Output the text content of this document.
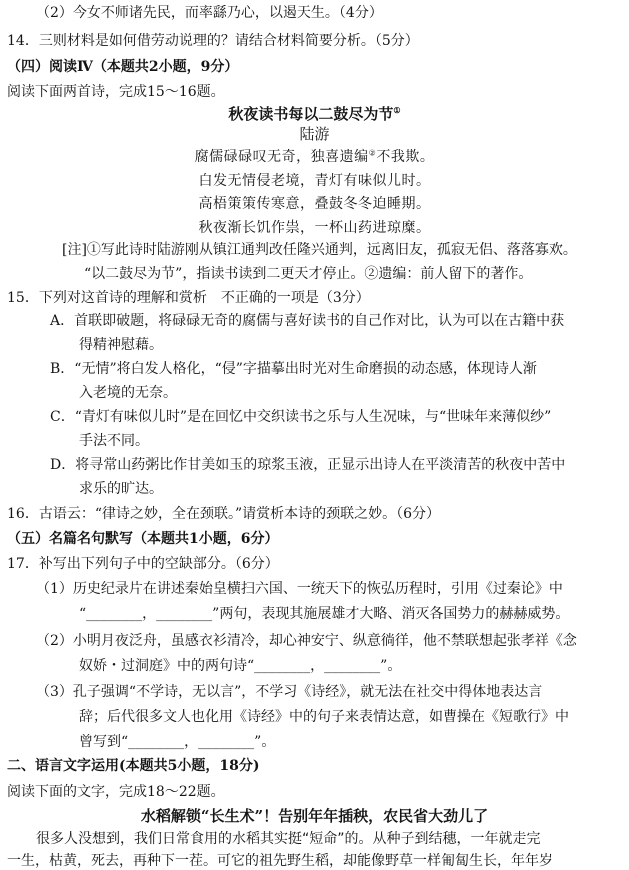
（2）今女不师诸先民，而率繇乃心，以遏天生。（4分）

14．三则材料是如何借劳动说理的？请结合材料简要分析。（5分）

（四）阅读Ⅳ（本题共2小题，9分）

阅读下面两首诗，完成15～16题。

秋夜读书每以二鼓尽为节①

陆游

腐儒碌碌叹无奇，独喜遗编②不我欺。

白发无情侵老境，青灯有味似儿时。

高梧策策传寒意，叠鼓冬冬迫睡期。

秋夜渐长饥作祟，一杯山药进琼糜。

[注]①写此诗时陆游刚从镇江通判改任隆兴通判，远离旧友，孤寂无侣、落落寡欢。

“以二鼓尽为节”，指读书读到二更天才停止。②遗编：前人留下的著作。

15．下列对这首诗的理解和赏析　不正确的一项是（3分）

A．首联即破题，将碌碌无奇的腐儒与喜好读书的自己作对比，认为可以在古籍中获

得精神慰藉。

B．“无情”将白发人格化，“侵”字描摹出时光对生命磨损的动态感，体现诗人渐

入老境的无奈。

C．“青灯有味似儿时”是在回忆中交织读书之乐与人生况味，与“世味年来薄似纱”

手法不同。

D．将寻常山药粥比作甘美如玉的琼浆玉液，正显示出诗人在平淡清苦的秋夜中苦中

求乐的旷达。

16．古语云：“律诗之妙，全在颈联。”请赏析本诗的颈联之妙。（6分）

（五）名篇名句默写（本题共1小题，6分）

17．补写出下列句子中的空缺部分。（6分）

（1）历史纪录片在讲述秦始皇横扫六国、一统天下的恢弘历程时，引用《过秦论》中

“________，________”两句，表现其施展雄才大略、消灭各国势力的赫赫威势。

（2）小明月夜泛舟，虽感衣衫清冷，却心神安宁、纵意徜徉，他不禁联想起张孝祥《念

奴娇・过洞庭》中的两句诗“________，________”。

（3）孔子强调“不学诗，无以言”，不学习《诗经》，就无法在社交中得体地表达言

辞；后代很多文人也化用《诗经》中的句子来表情达意，如曹操在《短歌行》中

曾写到“________，________”。

二、语言文字运用(本题共5小题，18分)

阅读下面的文字，完成18～22题。

水稻解锁“长生术”！告别年年插秧，农民省大劲儿了

很多人没想到，我们日常食用的水稻其实挺“短命”的。从种子到结穗，一年就走完

一生，枯黄，死去，再种下一茬。可它的祖先野生稻，却能像野草一样匍匐生长，年年岁
